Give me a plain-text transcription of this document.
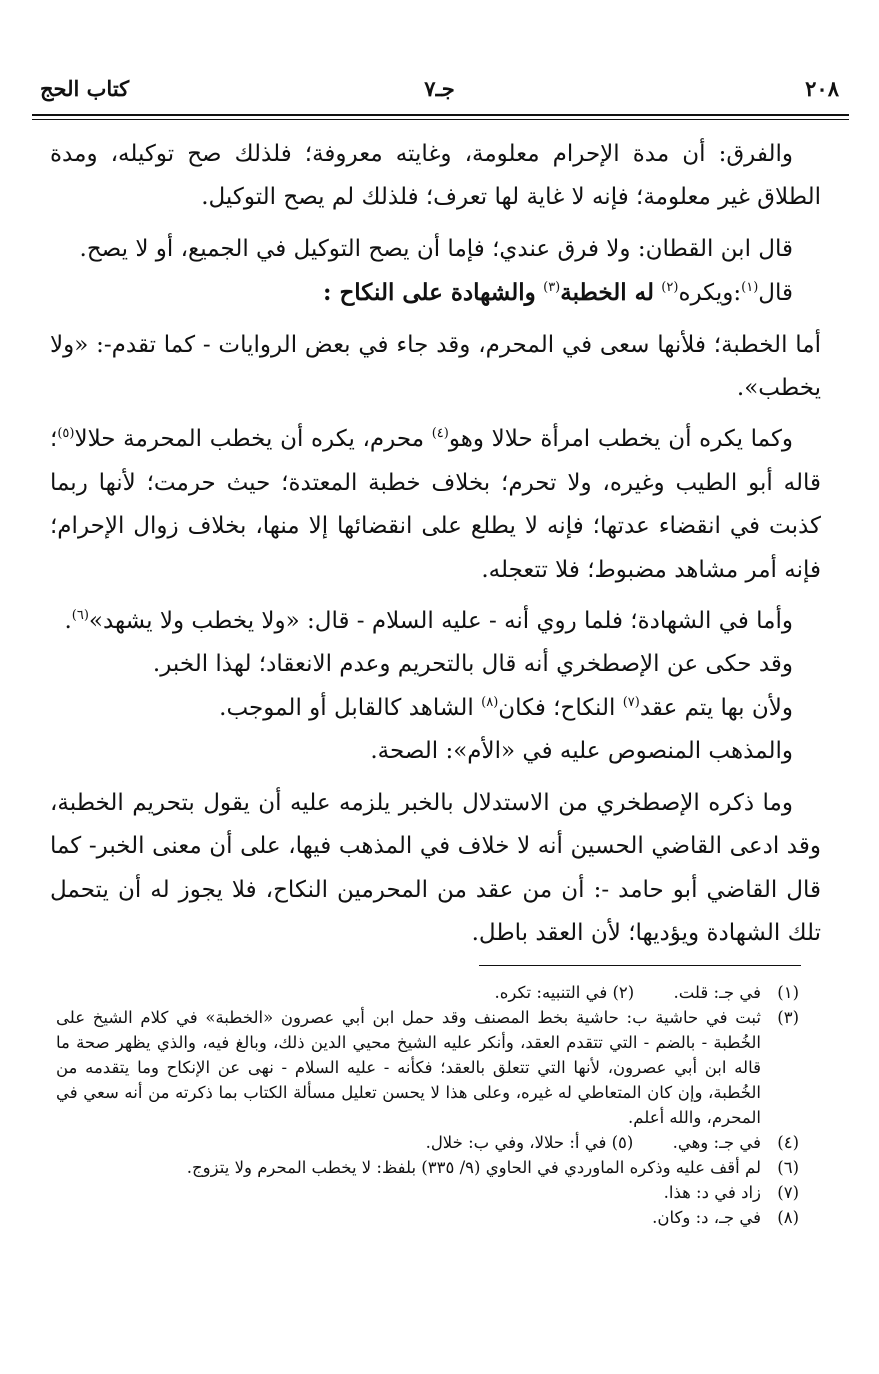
٢٠٨
جـ٧
كتاب الحج

والفرق: أن مدة الإحرام معلومة، وغايته معروفة؛ فلذلك صح توكيله، ومدة الطلاق غير معلومة؛ فإنه لا غاية لها تعرف؛ فلذلك لم يصح التوكيل.

قال ابن القطان: ولا فرق عندي؛ فإما أن يصح التوكيل في الجميع، أو لا يصح.

قال$^{(١)}$:ويكره$^{(٢)}$ له الخطبة$^{(٣)}$ والشهادة على النكاح :

أما الخطبة؛ فلأنها سعى في المحرم، وقد جاء في بعض الروايات - كما تقدم-: «ولا يخطب».

وكما يكره أن يخطب امرأة حلالا وهو$^{(٤)}$ محرم، يكره أن يخطب المحرمة حلالا$^{(٥)}$؛ قاله أبو الطيب وغيره، ولا تحرم؛ بخلاف خطبة المعتدة؛ حيث حرمت؛ لأنها ربما كذبت في انقضاء عدتها؛ فإنه لا يطلع على انقضائها إلا منها، بخلاف زوال الإحرام؛ فإنه أمر مشاهد مضبوط؛ فلا تتعجله.

وأما في الشهادة؛ فلما روي أنه - عليه السلام - قال: «ولا يخطب ولا يشهد»$^{(٦)}$.

وقد حكى عن الإصطخري أنه قال بالتحريم وعدم الانعقاد؛ لهذا الخبر.

ولأن بها يتم عقد$^{(٧)}$ النكاح؛ فكان$^{(٨)}$ الشاهد كالقابل أو الموجب.

والمذهب المنصوص عليه في «الأم»: الصحة.

وما ذكره الإصطخري من الاستدلال بالخبر يلزمه عليه أن يقول بتحريم الخطبة، وقد ادعى القاضي الحسين أنه لا خلاف في المذهب فيها، على أن معنى الخبر- كما قال القاضي أبو حامد -: أن من عقد من المحرمين النكاح، فلا يجوز له أن يتحمل تلك الشهادة ويؤديها؛ لأن العقد باطل.

(١)
في جـ: قلت. (٢) في التنبيه: تكره.
(٣)
ثبت في حاشية ب: حاشية بخط المصنف وقد حمل ابن أبي عصرون «الخطبة» في كلام الشيخ على الخُطبة - بالضم - التي تتقدم العقد، وأنكر عليه الشيخ محيي الدين ذلك، وبالغ فيه، والذي يظهر صحة ما قاله ابن أبي عصرون، لأنها التي تتعلق بالعقد؛ فكأنه - عليه السلام - نهى عن الإنكاح وما يتقدمه من الخُطبة، وإن كان المتعاطي له غيره، وعلى هذا لا يحسن تعليل مسألة الكتاب بما ذكرته من أنه سعي في المحرم، والله أعلم.
(٤)
في جـ: وهي. (٥) في أ: حلالا، وفي ب: خلال.
(٦)
لم أقف عليه وذكره الماوردي في الحاوي (٩/ ٣٣٥) بلفظ: لا يخطب المحرم ولا يتزوج.
(٧)
زاد في د: هذا.
(٨)
في جـ، د: وكان.
